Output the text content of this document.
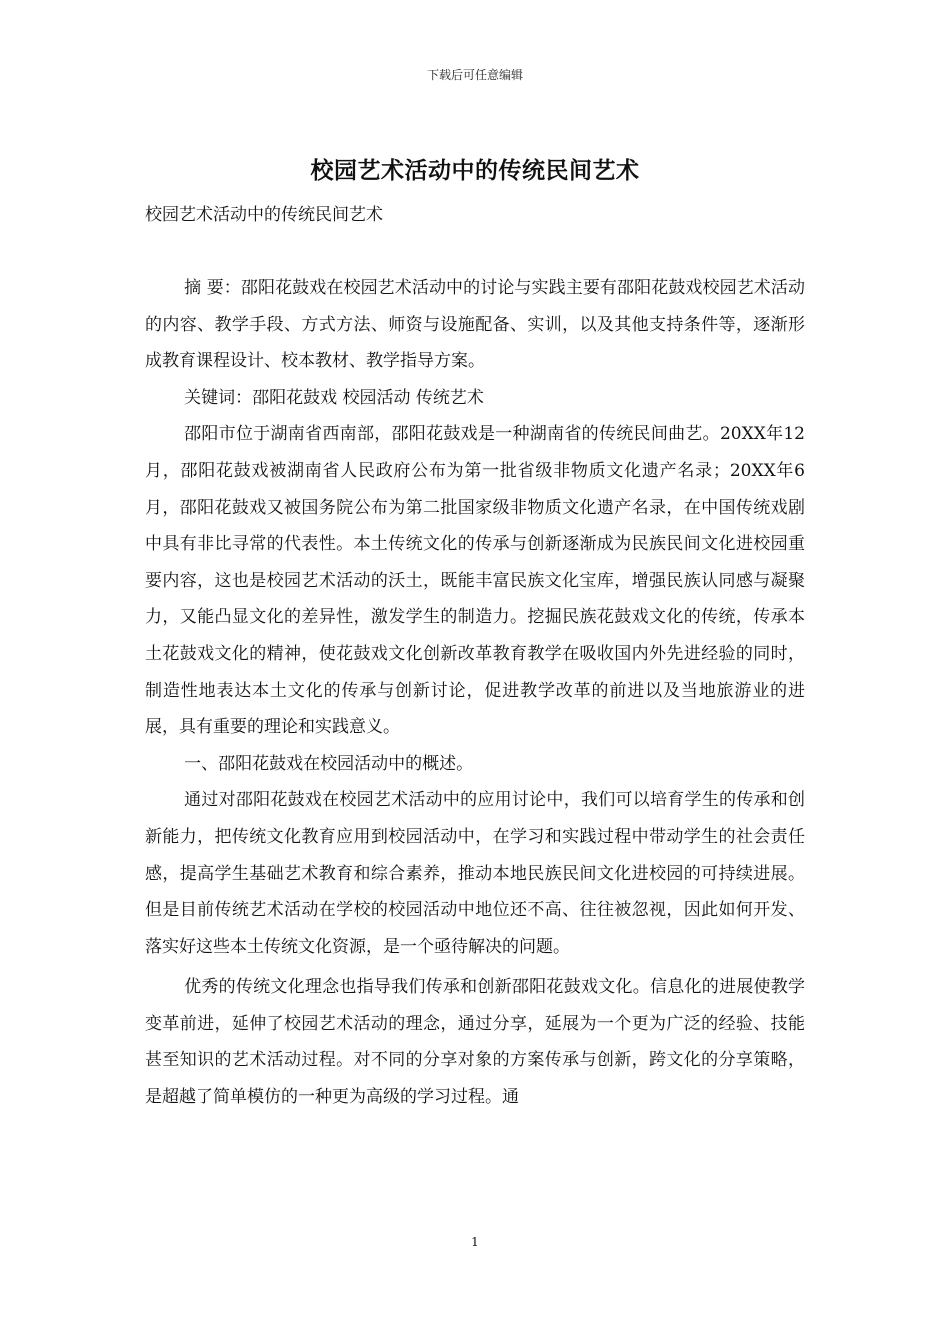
下载后可任意编辑
校园艺术活动中的传统民间艺术
校园艺术活动中的传统民间艺术

摘 要：邵阳花鼓戏在校园艺术活动中的讨论与实践主要有邵阳花鼓戏校园艺术活动的内容、教学手段、方式方法、师资与设施配备、实训，以及其他支持条件等，逐渐形成教育课程设计、校本教材、教学指导方案。

关键词：邵阳花鼓戏 校园活动 传统艺术

邵阳市位于湖南省西南部，邵阳花鼓戏是一种湖南省的传统民间曲艺。20XX年12月，邵阳花鼓戏被湖南省人民政府公布为第一批省级非物质文化遗产名录；20XX年6月，邵阳花鼓戏又被国务院公布为第二批国家级非物质文化遗产名录，在中国传统戏剧中具有非比寻常的代表性。本土传统文化的传承与创新逐渐成为民族民间文化进校园重要内容，这也是校园艺术活动的沃土，既能丰富民族文化宝库，增强民族认同感与凝聚力，又能凸显文化的差异性，激发学生的制造力。挖掘民族花鼓戏文化的传统，传承本土花鼓戏文化的精神，使花鼓戏文化创新改革教育教学在吸收国内外先进经验的同时，制造性地表达本土文化的传承与创新讨论，促进教学改革的前进以及当地旅游业的进展，具有重要的理论和实践意义。

一、邵阳花鼓戏在校园活动中的概述。

通过对邵阳花鼓戏在校园艺术活动中的应用讨论中，我们可以培育学生的传承和创新能力，把传统文化教育应用到校园活动中，在学习和实践过程中带动学生的社会责任感，提高学生基础艺术教育和综合素养，推动本地民族民间文化进校园的可持续进展。但是目前传统艺术活动在学校的校园活动中地位还不高、往往被忽视，因此如何开发、落实好这些本土传统文化资源，是一个亟待解决的问题。

优秀的传统文化理念也指导我们传承和创新邵阳花鼓戏文化。信息化的进展使教学变革前进，延伸了校园艺术活动的理念，通过分享，延展为一个更为广泛的经验、技能甚至知识的艺术活动过程。对不同的分享对象的方案传承与创新，跨文化的分享策略，是超越了简单模仿的一种更为高级的学习过程。通

1
